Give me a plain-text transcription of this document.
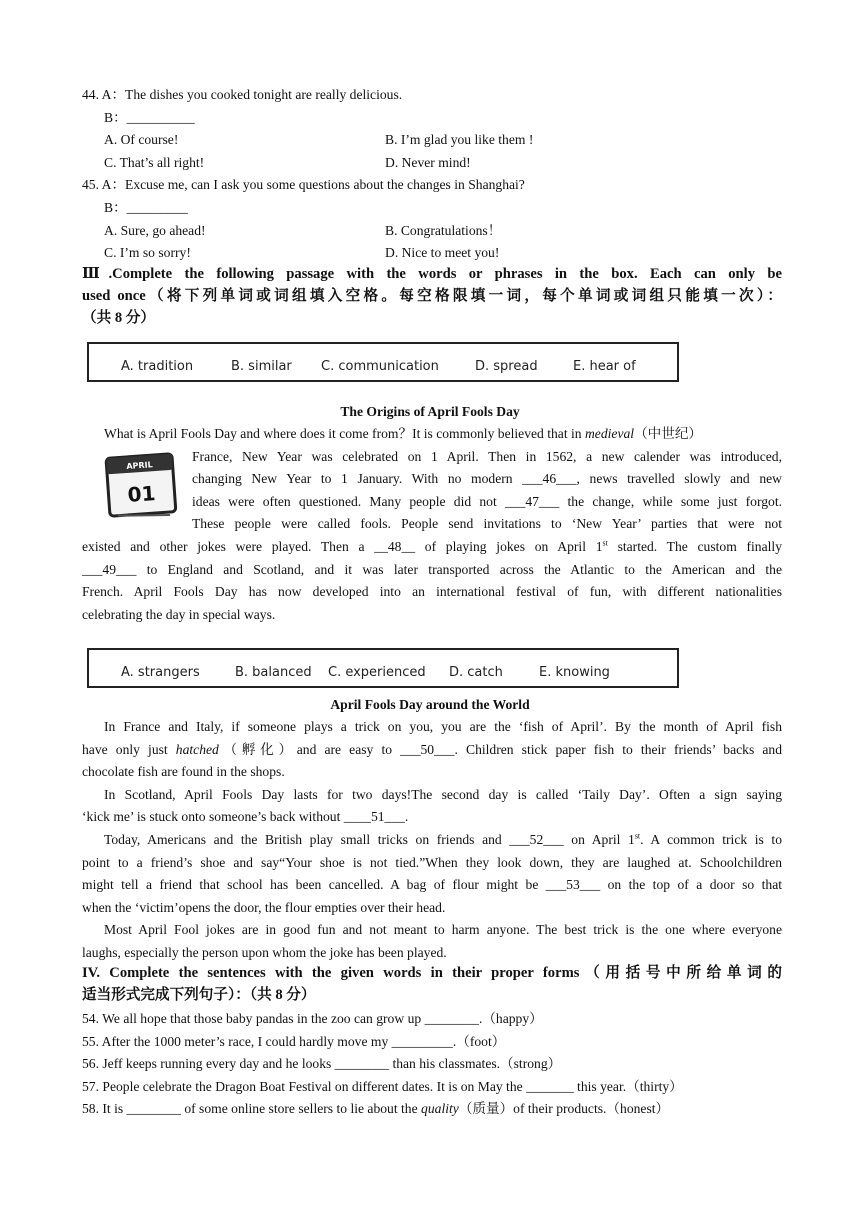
44. A：The dishes you cooked tonight are really delicious.
B：__________
A. Of course!	B. I’m glad you like them !
C. That’s all right!	D. Never mind!
45. A：Excuse me, can I ask you some questions about the changes in Shanghai?
B：_________
A. Sure, go ahead!	B. Congratulations！
C. I’m so sorry!	D. Nice to meet you!
Ⅲ.Complete the following passage with the words or phrases in the box. Each can only be
used once（将下列单词或词组填入空格。每空格限填一词，每个单词或词组只能填一次）：
（共 8 分）
A. tradition	B. similar C. communication	D. spread	E. hear of
The Origins of April Fools Day
What is April Fools Day and where does it come from？It is commonly believed that in medieval（中世纪）
France, New Year was celebrated on 1 April. Then in 1562, a new calender was introduced,
changing New Year to 1 January. With no modern ___46___, news travelled slowly and new
ideas were often questioned. Many people did not ___47___ the change, while some just forgot.
These people were called fools. People send invitations to ‘New Year’ parties that were not
existed and other jokes were played. Then a __48__ of playing jokes on April 1st started. The custom finally
___49___ to England and Scotland, and it was later transported across the Atlantic to the American and the
French. April Fools Day has now developed into an international festival of fun, with different nationalities
celebrating the day in special ways.
APRIL
01
A. strangers	B. balanced C. experienced D. catch	E. knowing
April Fools Day around the World
In France and Italy, if someone plays a trick on you, you are the ‘fish of April’. By the month of April fish
have only just hatched（孵化）and are easy to ___50___. Children stick paper fish to their friends’ backs and
chocolate fish are found in the shops.
In Scotland, April Fools Day lasts for two days!The second day is called ‘Taily Day’. Often a sign saying
‘kick me’ is stuck onto someone’s back without ____51___.
Today, Americans and the British play small tricks on friends and ___52___ on April 1st. A common trick is to
point to a friend’s shoe and say“Your shoe is not tied.”When they look down, they are laughed at. Schoolchildren
might tell a friend that school has been cancelled. A bag of flour might be ___53___ on the top of a door so that
when the ‘victim’opens the door, the flour empties over their head.
Most April Fool jokes are in good fun and not meant to harm anyone. The best trick is the one where everyone
laughs, especially the person upon whom the joke has been played.
IV. Complete the sentences with the given words in their proper forms（用括号中所给单词的
适当形式完成下列句子）：（共 8 分）
54. We all hope that those baby pandas in the zoo can grow up ________.（happy）
55. After the 1000 meter’s race, I could hardly move my _________.（foot）
56. Jeff keeps running every day and he looks ________ than his classmates.（strong）
57. People celebrate the Dragon Boat Festival on different dates. It is on May the _______ this year.（thirty）
58. It is ________ of some online store sellers to lie about the quality（质量）of their products.（honest）
